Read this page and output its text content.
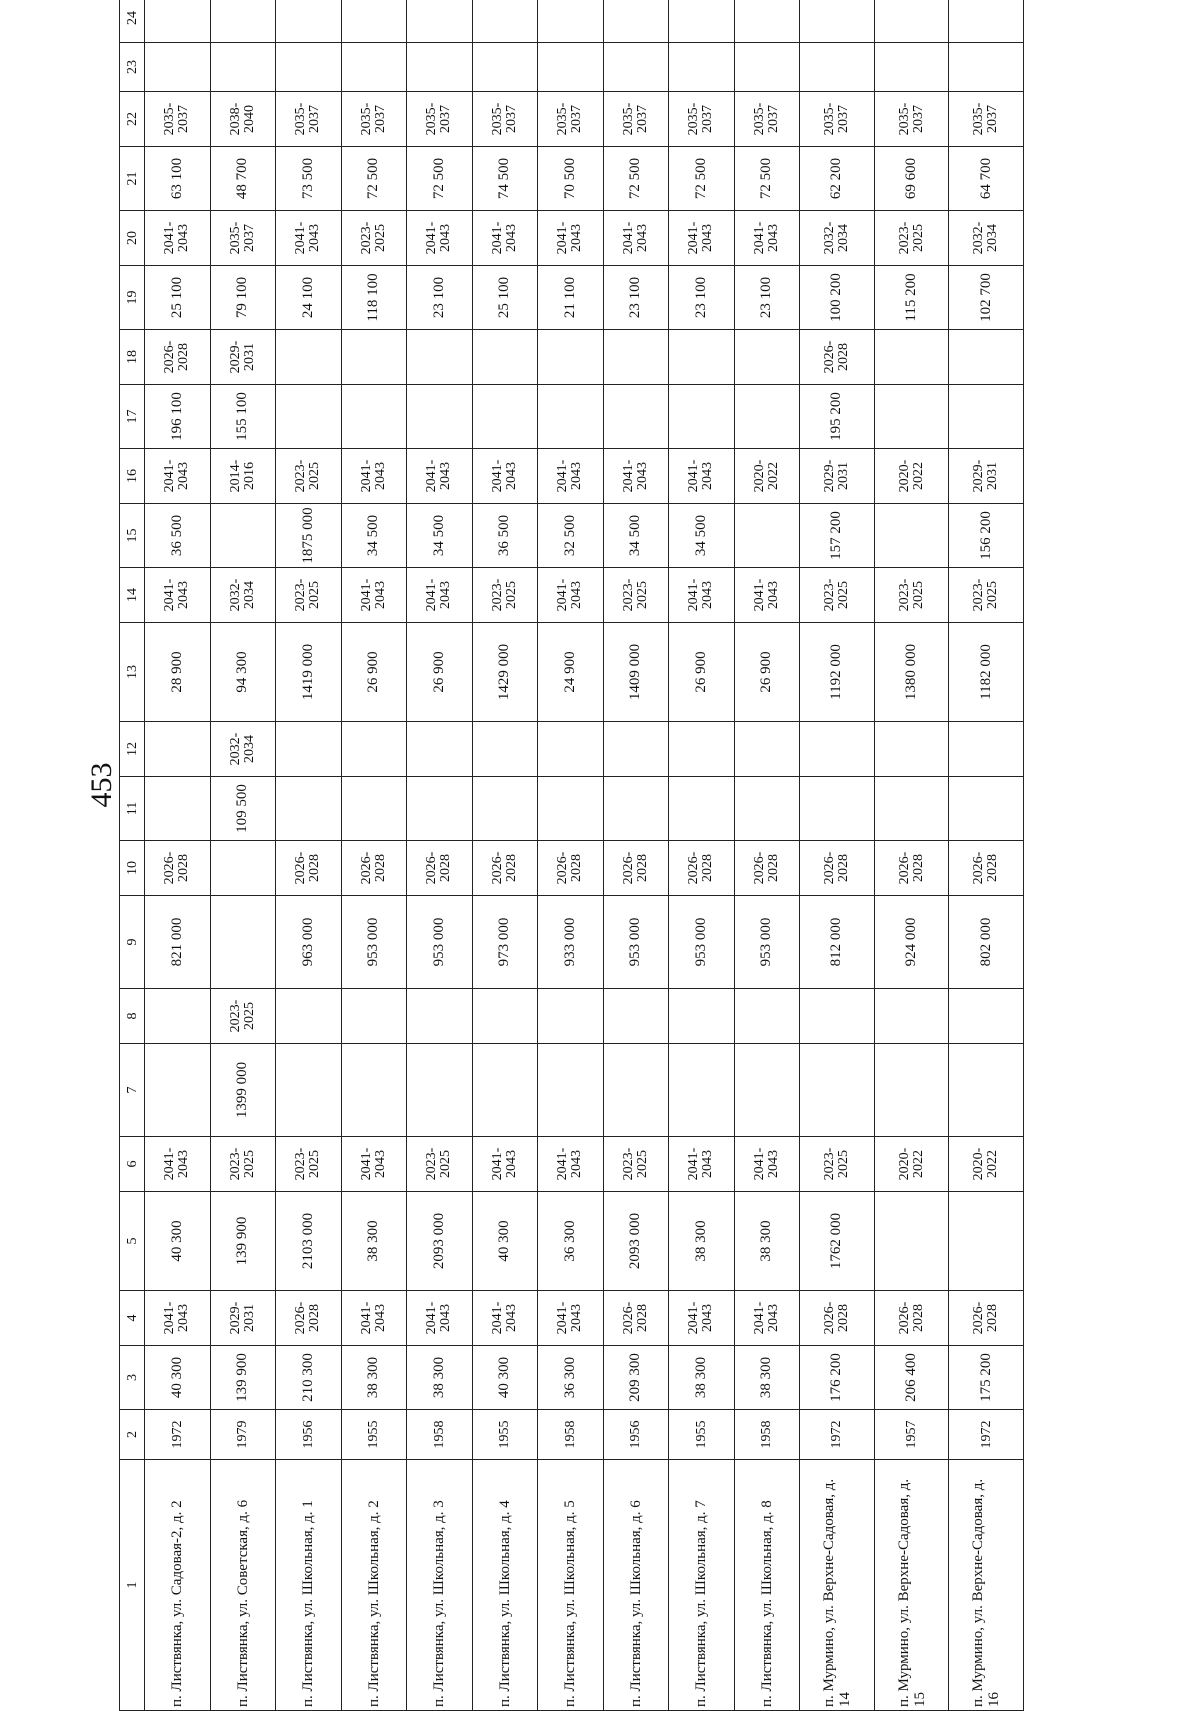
453
1	2	3	4	5	6	7	8	9	10	11	12	13	14	15	16	17	18	19	20	21	22	23	24
п. Листвянка, ул. Садовая-2, д. 2	1972	40 300	2041-2043	40 300	2041-2043			821 000	2026-2028			28 900	2041-2043	36 500	2041-2043	196 100	2026-2028	25 100	2041-2043	63 100	2035-2037		
п. Листвянка, ул. Советская, д. 6	1979	139 900	2029-2031	139 900	2023-2025	1399 000	2023-2025			109 500	2032-2034	94 300	2032-2034		2014-2016	155 100	2029-2031	79 100	2035-2037	48 700	2038-2040		
п. Листвянка, ул. Школьная, д. 1	1956	210 300	2026-2028	2103 000	2023-2025			963 000	2026-2028			1419 000	2023-2025	1875 000	2023-2025			24 100	2041-2043	73 500	2035-2037		
п. Листвянка, ул. Школьная, д. 2	1955	38 300	2041-2043	38 300	2041-2043			953 000	2026-2028			26 900	2041-2043	34 500	2041-2043			118 100	2023-2025	72 500	2035-2037		
п. Листвянка, ул. Школьная, д. 3	1958	38 300	2041-2043	2093 000	2023-2025			953 000	2026-2028			26 900	2041-2043	34 500	2041-2043			23 100	2041-2043	72 500	2035-2037		
п. Листвянка, ул. Школьная, д. 4	1955	40 300	2041-2043	40 300	2041-2043			973 000	2026-2028			1429 000	2023-2025	36 500	2041-2043			25 100	2041-2043	74 500	2035-2037		
п. Листвянка, ул. Школьная, д. 5	1958	36 300	2041-2043	36 300	2041-2043			933 000	2026-2028			24 900	2041-2043	32 500	2041-2043			21 100	2041-2043	70 500	2035-2037		
п. Листвянка, ул. Школьная, д. 6	1956	209 300	2026-2028	2093 000	2023-2025			953 000	2026-2028			1409 000	2023-2025	34 500	2041-2043			23 100	2041-2043	72 500	2035-2037		
п. Листвянка, ул. Школьная, д. 7	1955	38 300	2041-2043	38 300	2041-2043			953 000	2026-2028			26 900	2041-2043	34 500	2041-2043			23 100	2041-2043	72 500	2035-2037		
п. Листвянка, ул. Школьная, д. 8	1958	38 300	2041-2043	38 300	2041-2043			953 000	2026-2028			26 900	2041-2043		2020-2022			23 100	2041-2043	72 500	2035-2037		
п. Мурмино, ул. Верхне-Садовая, д. 14	1972	176 200	2026-2028	1762 000	2023-2025			812 000	2026-2028			1192 000	2023-2025	157 200	2029-2031	195 200	2026-2028	100 200	2032-2034	62 200	2035-2037		
п. Мурмино, ул. Верхне-Садовая, д. 15	1957	206 400	2026-2028		2020-2022			924 000	2026-2028			1380 000	2023-2025		2020-2022			115 200	2023-2025	69 600	2035-2037		
п. Мурмино, ул. Верхне-Садовая, д. 16	1972	175 200	2026-2028		2020-2022			802 000	2026-2028			1182 000	2023-2025	156 200	2029-2031			102 700	2032-2034	64 700	2035-2037		
